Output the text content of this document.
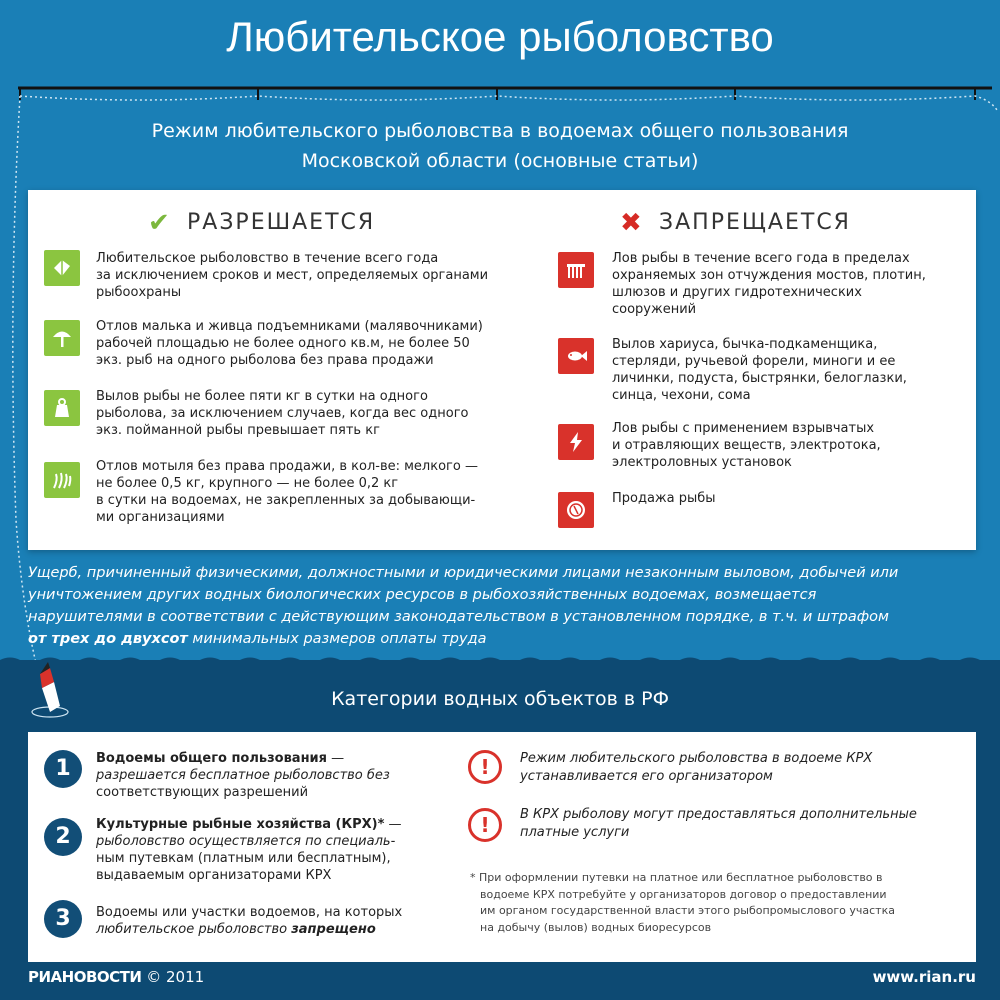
Любительское рыболовство
Режим любительского рыболовства в водоемах общего пользования
Московской области (основные статьи)
✔ РАЗРЕШАЕТСЯ	✖ ЗАПРЕЩАЕТСЯ
Любительское рыболовство в течение всего года
за исключением сроков и мест, определяемых органами
рыбоохраны
Отлов малька и живца подъемниками (малявочниками)
рабочей площадью не более одного кв.м, не более 50
экз. рыб на одного рыболова без права продажи
Вылов рыбы не более пяти кг в сутки на одного
рыболова, за исключением случаев, когда вес одного
экз. пойманной рыбы превышает пять кг
Отлов мотыля без права продажи, в кол-ве: мелкого —
не более 0,5 кг, крупного — не более 0,2 кг
в сутки на водоемах, не закрепленных за добывающи-
ми организациями
Лов рыбы в течение всего года в пределах
охраняемых зон отчуждения мостов, плотин,
шлюзов и других гидротехнических
сооружений
Вылов хариуса, бычка-подкаменщика,
стерляди, ручьевой форели, миноги и ее
личинки, подуста, быстрянки, белоглазки,
синца, чехони, сома
Лов рыбы с применением взрывчатых
и отравляющих веществ, электротока,
электроловных установок
Продажа рыбы
Ущерб, причиненный физическими, должностными и юридическими лицами незаконным выловом, добычей или
уничтожением других водных биологических ресурсов в рыбохозяйственных водоемах, возмещается
нарушителями в соответствии с действующим законодательством в установленном порядке, в т.ч. и штрафом
от трех до двухсот минимальных размеров оплаты труда
Категории водных объектов в РФ
1	Водоемы общего пользования —
разрешается бесплатное рыболовство без
соответствующих разрешений
2	Культурные рыбные хозяйства (КРХ)* —
рыболовство осуществляется по специаль-
ным путевкам (платным или бесплатным),
выдаваемым организаторами КРХ
3	Водоемы или участки водоемов, на которых
любительское рыболовство запрещено
!	Режим любительского рыболовства в водоеме КРХ
устанавливается его организатором
!	В КРХ рыболову могут предоставляться дополнительные
платные услуги
* При оформлении путевки на платное или бесплатное рыболовство в
водоеме КРХ потребуйте у организаторов договор о предоставлении
им органом государственной власти этого рыбопромыслового участка
на добычу (вылов) водных биоресурсов
РИАНОВОСТИ © 2011	www.rian.ru
